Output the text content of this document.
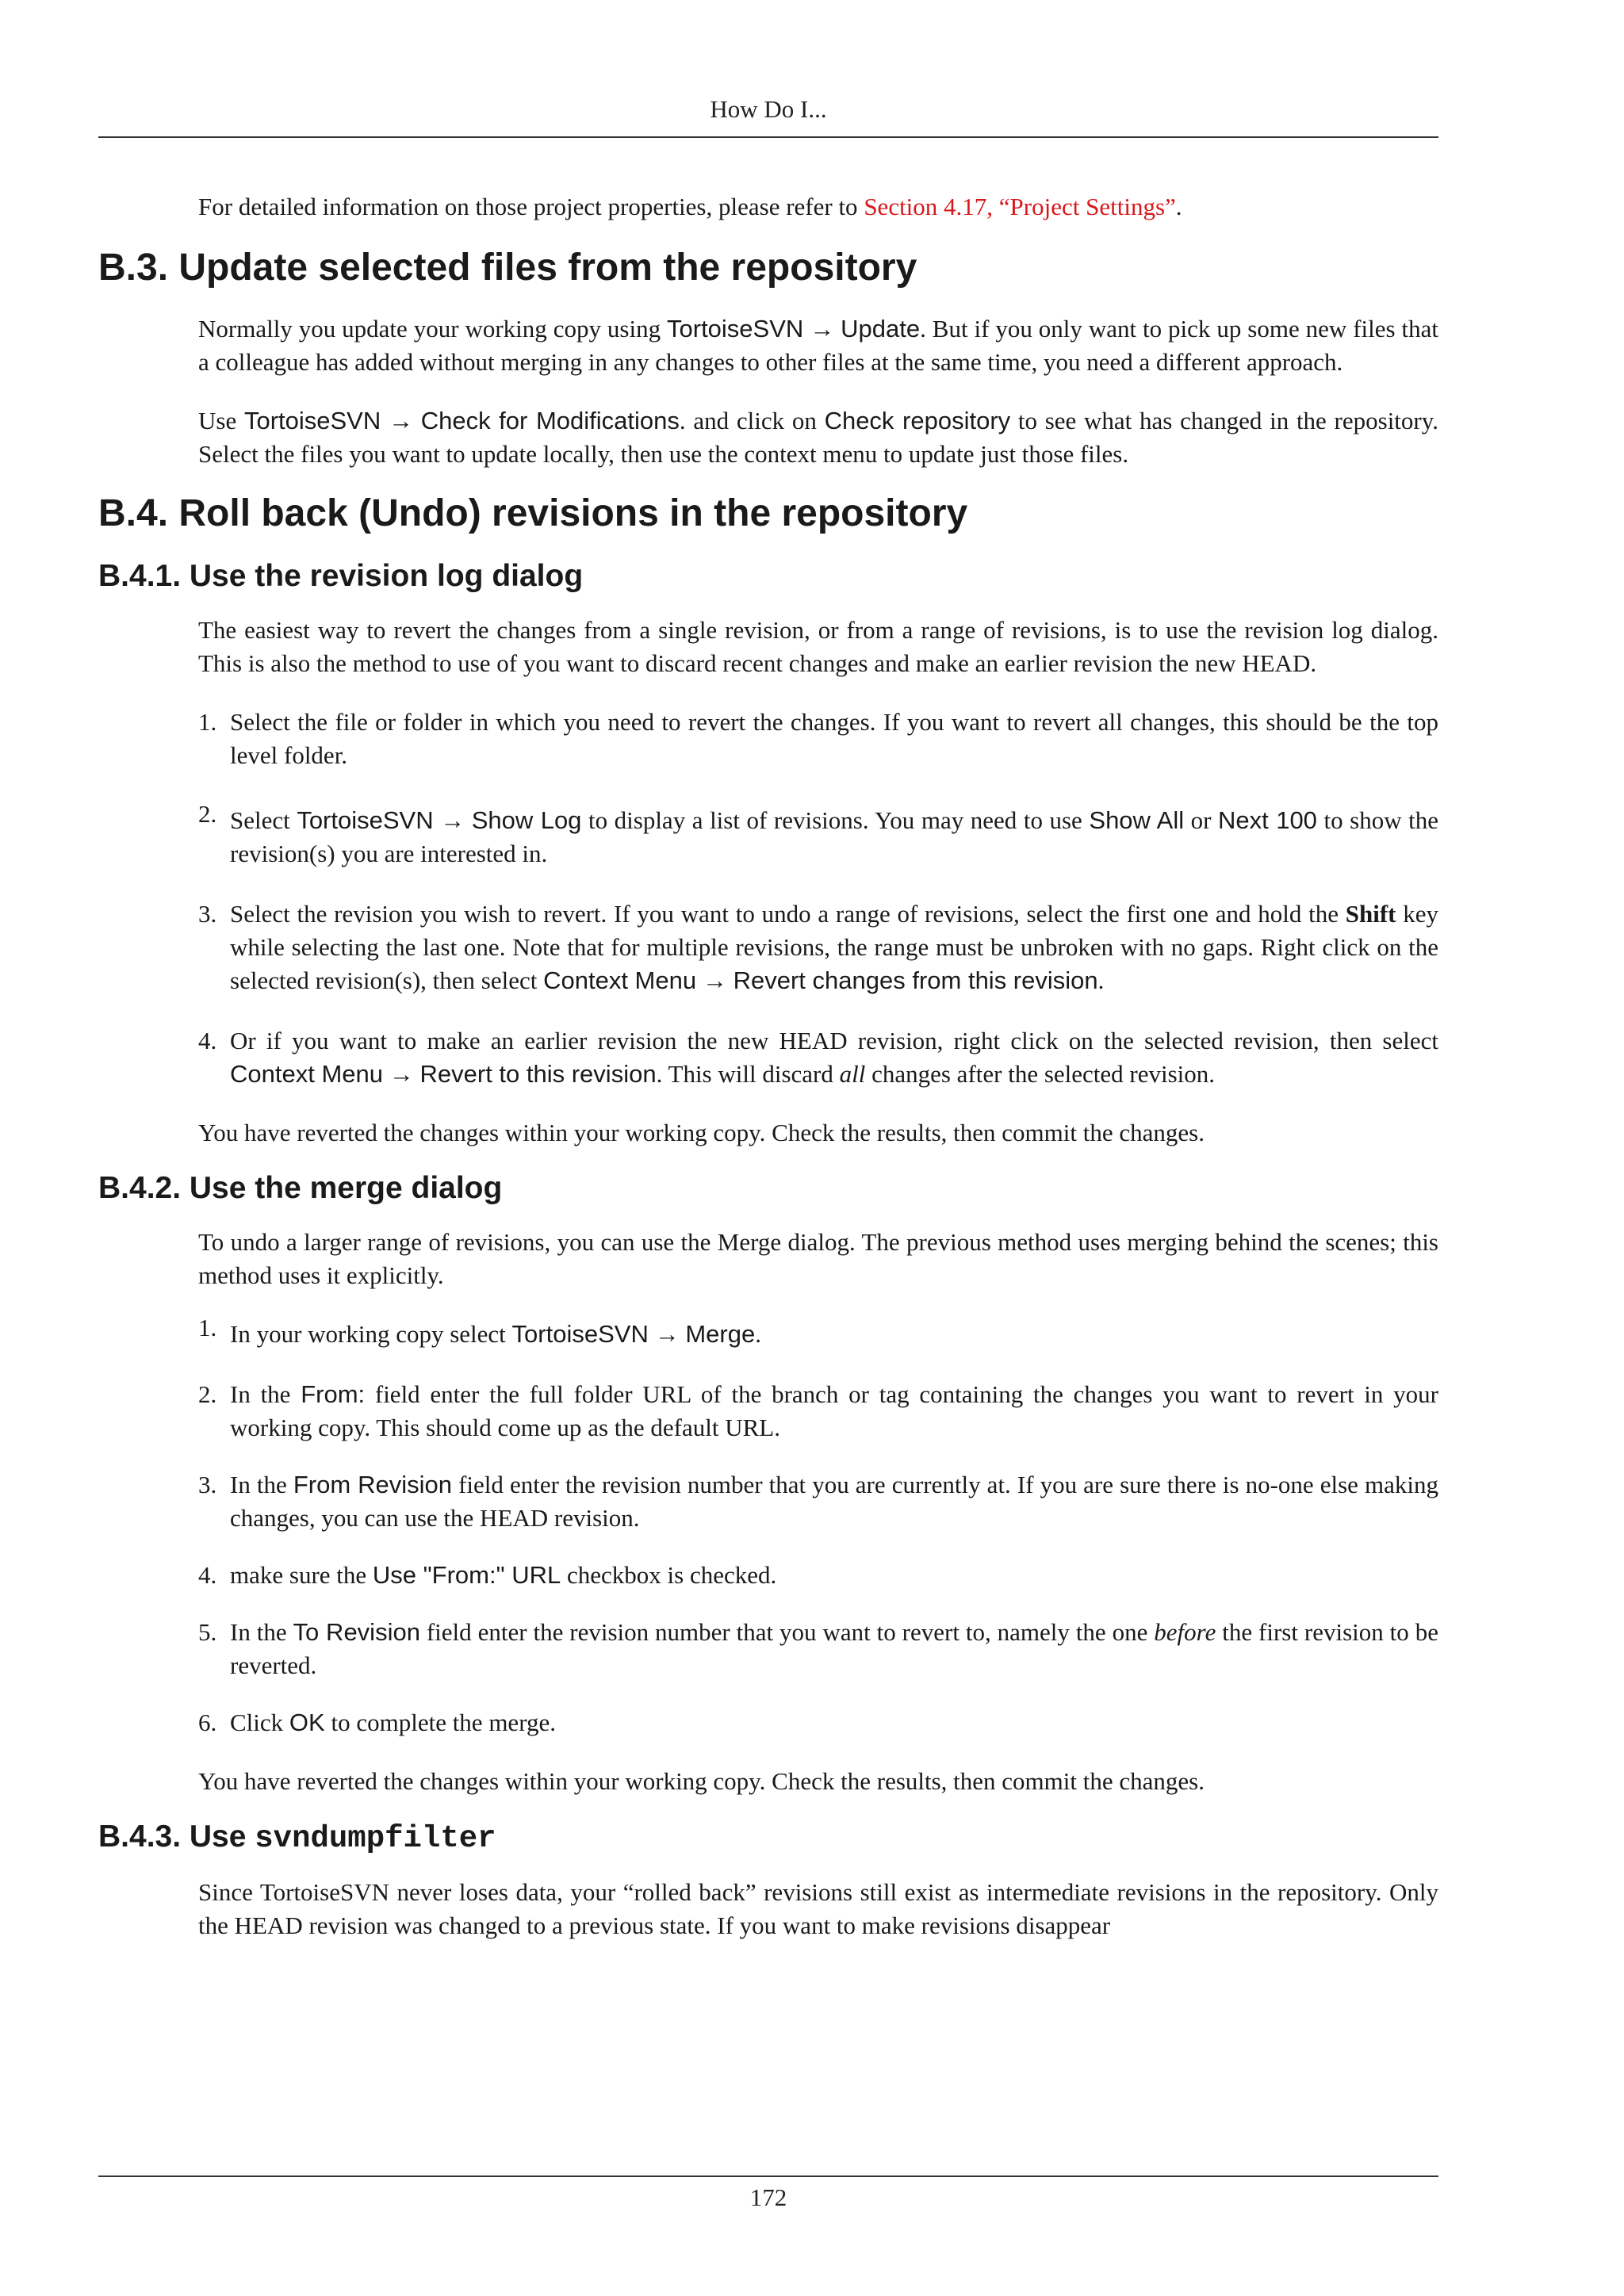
How Do I...

For detailed information on those project properties, please refer to Section 4.17, “Project Settings”.

B.3. Update selected files from the repository

Normally you update your working copy using TortoiseSVN → Update. But if you only want to pick up some new files that a colleague has added without merging in any changes to other files at the same time, you need a different approach.

Use TortoiseSVN → Check for Modifications. and click on Check repository to see what has changed in the repository. Select the files you want to update locally, then use the context menu to update just those files.

B.4. Roll back (Undo) revisions in the repository
B.4.1. Use the revision log dialog

The easiest way to revert the changes from a single revision, or from a range of revisions, is to use the revision log dialog. This is also the method to use of you want to discard recent changes and make an earlier revision the new HEAD.

1. Select the file or folder in which you need to revert the changes. If you want to revert all changes, this should be the top level folder.
2. Select TortoiseSVN → Show Log to display a list of revisions. You may need to use Show All or Next 100 to show the revision(s) you are interested in.
3. Select the revision you wish to revert. If you want to undo a range of revisions, select the first one and hold the Shift key while selecting the last one. Note that for multiple revisions, the range must be unbroken with no gaps. Right click on the selected revision(s), then select Context Menu → Revert changes from this revision.
4. Or if you want to make an earlier revision the new HEAD revision, right click on the selected revision, then select Context Menu → Revert to this revision. This will discard all changes after the selected revision.

You have reverted the changes within your working copy. Check the results, then commit the changes.

B.4.2. Use the merge dialog

To undo a larger range of revisions, you can use the Merge dialog. The previous method uses merging behind the scenes; this method uses it explicitly.

1. In your working copy select TortoiseSVN → Merge.
2. In the From: field enter the full folder URL of the branch or tag containing the changes you want to revert in your working copy. This should come up as the default URL.
3. In the From Revision field enter the revision number that you are currently at. If you are sure there is no-one else making changes, you can use the HEAD revision.
4. make sure the Use "From:" URL checkbox is checked.
5. In the To Revision field enter the revision number that you want to revert to, namely the one before the first revision to be reverted.
6. Click OK to complete the merge.

You have reverted the changes within your working copy. Check the results, then commit the changes.

B.4.3. Use svndumpfilter

Since TortoiseSVN never loses data, your “rolled back” revisions still exist as intermediate revisions in the repository. Only the HEAD revision was changed to a previous state. If you want to make revisions disappear

172
